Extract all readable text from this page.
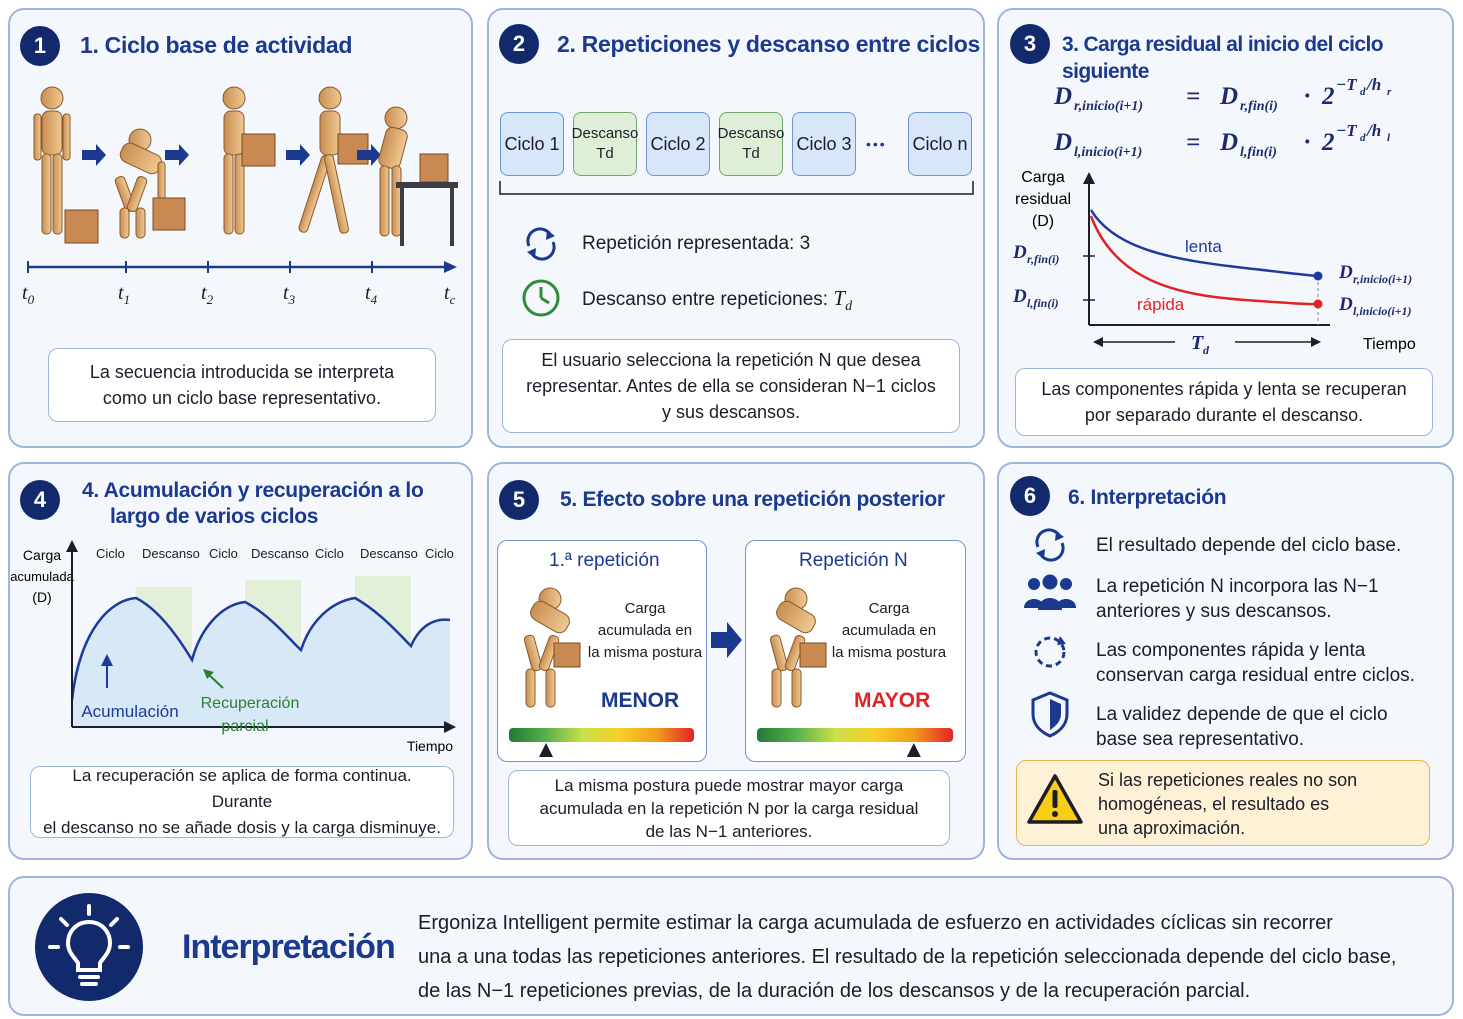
1	1. Ciclo base de actividad
$t_0$	$t_1$	$t_2$	$t_3$	$t_4$	$t_c$
La secuencia introducida se interpreta
como un ciclo base representativo.
2	2. Repeticiones y descanso entre ciclos
Ciclo 1 Descanso
Td Ciclo 2 Descanso
Td Ciclo 3	••• Ciclo n
Repetición representada: 3
Descanso entre repeticiones: $T_d$
El usuario selecciona la repetición N que desea
representar. Antes de ella se consideran N−1 ciclos
y sus descansos.
3	3. Carga residual al inicio del ciclo siguiente
D r,inicio(i+1) = D r,fin(i) · 2 −T d /h r
D l,inicio(i+1) = D l,fin(i) · 2 −T d /h l
Carga
residual
(D)
D r,fin(i)
D l,fin(i)
D r,inicio(i+1)
D l,inicio(i+1)
lenta
rápida
T d	Tiempo
Las componentes rápida y lenta se recuperan
por separado durante el descanso.
4	4. Acumulación y recuperación a lo
largo de varios ciclos
Carga
acumulada
(D)
Acumulación Recuperación
parcial
Tiempo
Ciclo Descanso Ciclo Descanso Ciclo Descanso Ciclo
La recuperación se aplica de forma continua. Durante
el descanso no se añade dosis y la carga disminuye.
5	5. Efecto sobre una repetición posterior
1.ª repetición
Carga
acumulada en
la misma postura
MENOR
Repetición N
Carga
acumulada en
la misma postura
MAYOR
La misma postura puede mostrar mayor carga
acumulada en la repetición N por la carga residual
de las N−1 anteriores.
6	6. Interpretación
El resultado depende del ciclo base.
La repetición N incorpora las N−1
anteriores y sus descansos.
Las componentes rápida y lenta
conservan carga residual entre ciclos.
La validez depende de que el ciclo
base sea representativo.
Si las repeticiones reales no son
homogéneas, el resultado es
una aproximación.
Interpretación
Ergoniza Intelligent permite estimar la carga acumulada de esfuerzo en actividades cíclicas sin recorrer
una a una todas las repeticiones anteriores. El resultado de la repetición seleccionada depende del ciclo base,
de las N−1 repeticiones previas, de la duración de los descansos y de la recuperación parcial.
